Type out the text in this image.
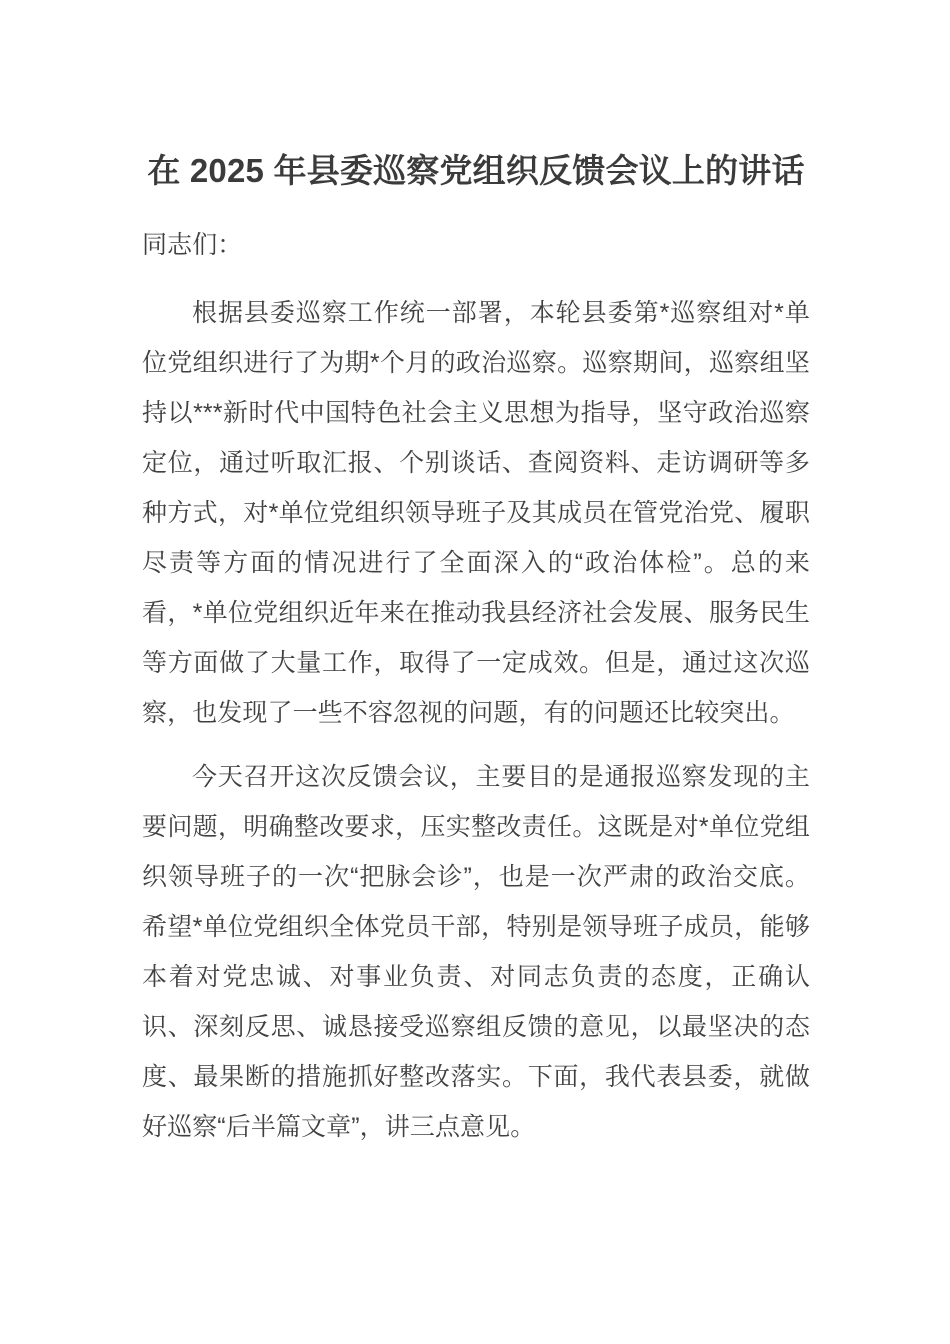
在 2025 年县委巡察党组织反馈会议上的讲话

同志们：

根据县委巡察工作统一部署，本轮县委第*巡察组对*单位党组织进行了为期*个月的政治巡察。巡察期间，巡察组坚持以***新时代中国特色社会主义思想为指导，坚守政治巡察定位，通过听取汇报、个别谈话、查阅资料、走访调研等多种方式，对*单位党组织领导班子及其成员在管党治党、履职尽责等方面的情况进行了全面深入的“政治体检”。总的来看，*单位党组织近年来在推动我县经济社会发展、服务民生等方面做了大量工作，取得了一定成效。但是，通过这次巡察，也发现了一些不容忽视的问题，有的问题还比较突出。

今天召开这次反馈会议，主要目的是通报巡察发现的主要问题，明确整改要求，压实整改责任。这既是对*单位党组织领导班子的一次“把脉会诊”，也是一次严肃的政治交底。希望*单位党组织全体党员干部，特别是领导班子成员，能够本着对党忠诚、对事业负责、对同志负责的态度，正确认识、深刻反思、诚恳接受巡察组反馈的意见，以最坚决的态度、最果断的措施抓好整改落实。下面，我代表县委，就做好巡察“后半篇文章”，讲三点意见。
